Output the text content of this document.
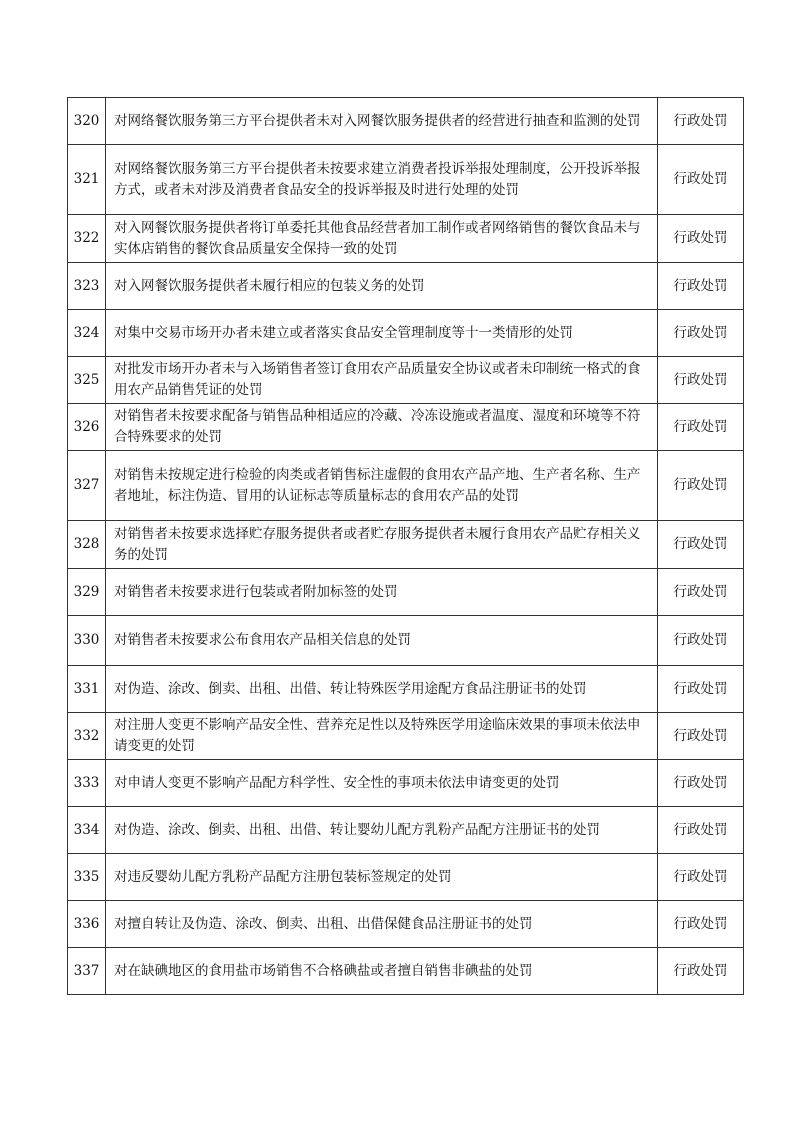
320	对网络餐饮服务第三方平台提供者未对入网餐饮服务提供者的经营进行抽查和监测的处罚	行政处罚
321	对网络餐饮服务第三方平台提供者未按要求建立消费者投诉举报处理制度，公开投诉举报方式，或者未对涉及消费者食品安全的投诉举报及时进行处理的处罚	行政处罚
322	对入网餐饮服务提供者将订单委托其他食品经营者加工制作或者网络销售的餐饮食品未与实体店销售的餐饮食品质量安全保持一致的处罚	行政处罚
323	对入网餐饮服务提供者未履行相应的包装义务的处罚	行政处罚
324	对集中交易市场开办者未建立或者落实食品安全管理制度等十一类情形的处罚	行政处罚
325	对批发市场开办者未与入场销售者签订食用农产品质量安全协议或者未印制统一格式的食用农产品销售凭证的处罚	行政处罚
326	对销售者未按要求配备与销售品种相适应的冷藏、冷冻设施或者温度、湿度和环境等不符合特殊要求的处罚	行政处罚
327	对销售未按规定进行检验的肉类或者销售标注虚假的食用农产品产地、生产者名称、生产者地址，标注伪造、冒用的认证标志等质量标志的食用农产品的处罚	行政处罚
328	对销售者未按要求选择贮存服务提供者或者贮存服务提供者未履行食用农产品贮存相关义务的处罚	行政处罚
329	对销售者未按要求进行包装或者附加标签的处罚	行政处罚
330	对销售者未按要求公布食用农产品相关信息的处罚	行政处罚
331	对伪造、涂改、倒卖、出租、出借、转让特殊医学用途配方食品注册证书的处罚	行政处罚
332	对注册人变更不影响产品安全性、营养充足性以及特殊医学用途临床效果的事项未依法申请变更的处罚	行政处罚
333	对申请人变更不影响产品配方科学性、安全性的事项未依法申请变更的处罚	行政处罚
334	对伪造、涂改、倒卖、出租、出借、转让婴幼儿配方乳粉产品配方注册证书的处罚	行政处罚
335	对违反婴幼儿配方乳粉产品配方注册包装标签规定的处罚	行政处罚
336	对擅自转让及伪造、涂改、倒卖、出租、出借保健食品注册证书的处罚	行政处罚
337	对在缺碘地区的食用盐市场销售不合格碘盐或者擅自销售非碘盐的处罚	行政处罚
